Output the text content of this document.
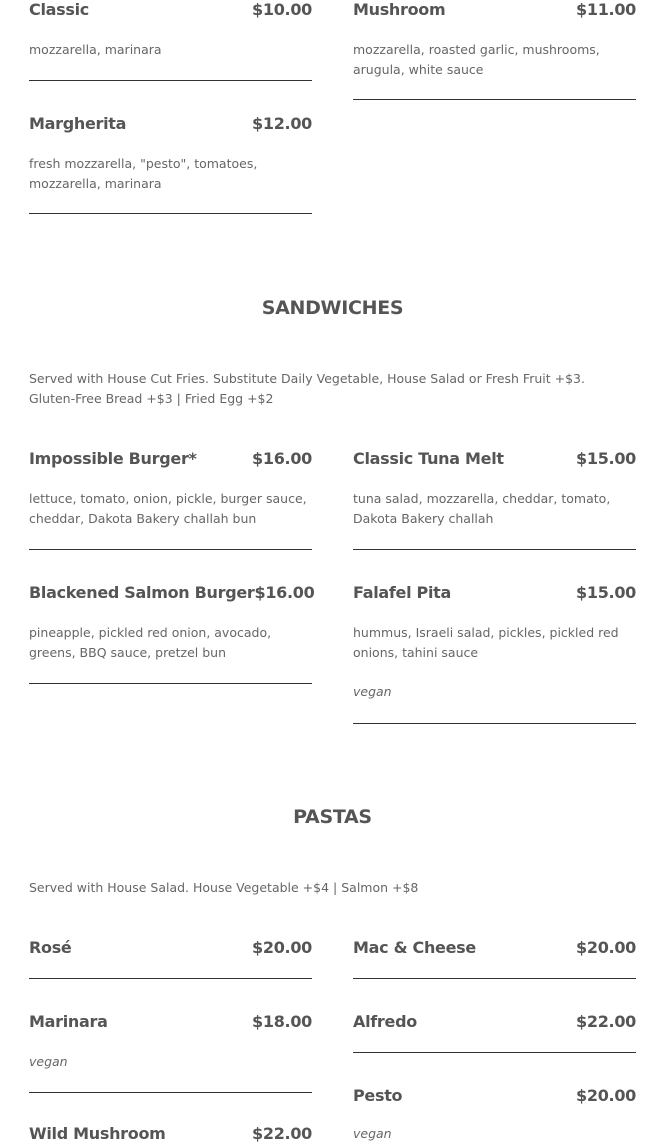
Classic	$10.00

mozzarella, marinara

Mushroom	$11.00

mozzarella, roasted garlic, mushrooms, arugula, white sauce

Margherita	$12.00

fresh mozzarella, "pesto", tomatoes, mozzarella, marinara

SANDWICHES

Served with House Cut Fries. Substitute Daily Vegetable, House Salad or Fresh Fruit +$3. Gluten-Free Bread +$3 | Fried Egg +$2

Impossible Burger*	$16.00

lettuce, tomato, onion, pickle, burger sauce, cheddar, Dakota Bakery challah bun

Classic Tuna Melt	$15.00

tuna salad, mozzarella, cheddar, tomato, Dakota Bakery challah

Blackened Salmon Burger $16.00

pineapple, pickled red onion, avocado, greens, BBQ sauce, pretzel bun

Falafel Pita	$15.00

hummus, Israeli salad, pickles, pickled red onions, tahini sauce

vegan

PASTAS

Served with House Salad. House Vegetable +$4 | Salmon +$8

Rosé	$20.00	Mac & Cheese	$20.00
Marinara	$18.00

vegan

Alfredo	$22.00
Pesto	$20.00

vegan

Wild Mushroom	$22.00
